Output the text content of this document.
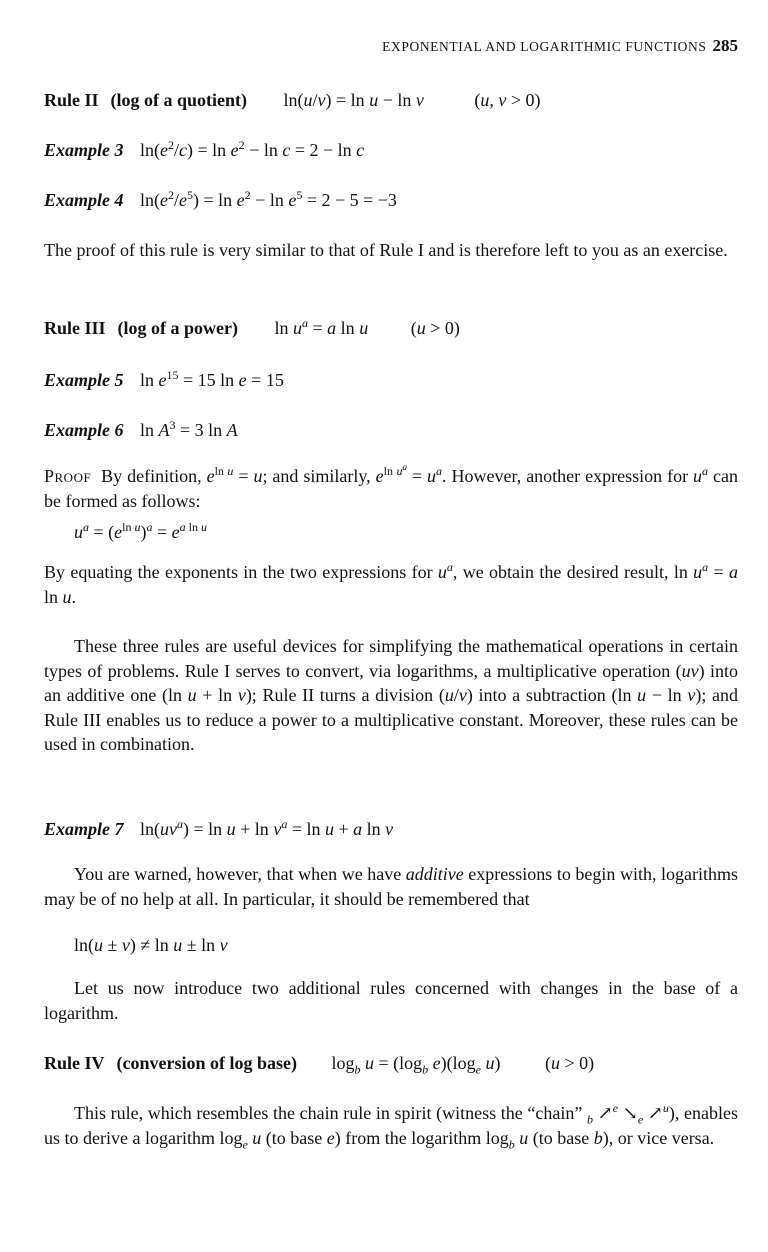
EXPONENTIAL AND LOGARITHMIC FUNCTIONS 285
Rule II (log of a quotient) ln(u/v) = ln u − ln v	(u, v > 0)
Example 3 $\ln(e^2/c) = \ln e^2 - \ln c = 2 - \ln c$
Example 4 $\ln(e^2/e^5) = \ln e^2 - \ln e^5 = 2 - 5 = -3$
The proof of this rule is very similar to that of Rule I and is therefore left to you as an exercise.
Rule III (log of a power) $\ln u^a = a$ ln u (u > 0)
Example 5 $\ln e^{15} = 15$ ln e = 15
Example 6 $\ln A^3 = 3$ ln A
Proof By definition, $e^{ln u} = u$; and similarly, $e^{ln u^a} = u^a$. However, another expression for $u^a$ can be formed as follows:
$u^a = (e^{ln u})^a = e^{a ln u}$
By equating the exponents in the two expressions for $u^a$, we obtain the desired result, $\ln u^a = a$ ln u.
These three rules are useful devices for simplifying the mathematical operations in certain types of problems. Rule I serves to convert, via logarithms, a multiplicative operation (uv) into an additive one (ln u + ln v); Rule II turns a division (u/v) into a subtraction (ln u − ln v); and Rule III enables us to reduce a power to a multiplicative constant. Moreover, these rules can be used in combination.
Example 7 $\ln(uv^a) = \ln u + \ln v^a = \ln u + a$ ln v
You are warned, however, that when we have additive expressions to begin with, logarithms may be of no help at all. In particular, it should be remembered that
ln(u ± v) ≠ ln u ± ln v
Let us now introduce two additional rules concerned with changes in the base of a logarithm.
Rule IV (conversion of log base) $\log_b u = (\log_b$ $e)(\log_e$ u) (u > 0)
This rule, which resembles the chain rule in spirit (witness the “chain” $_b$ ↗$^e$ $↘_e$ ↗$^u$), enables us to derive a logarithm $\log_e u$ (to base e) from the logarithm $\log_b u$ (to base b), or vice versa.
